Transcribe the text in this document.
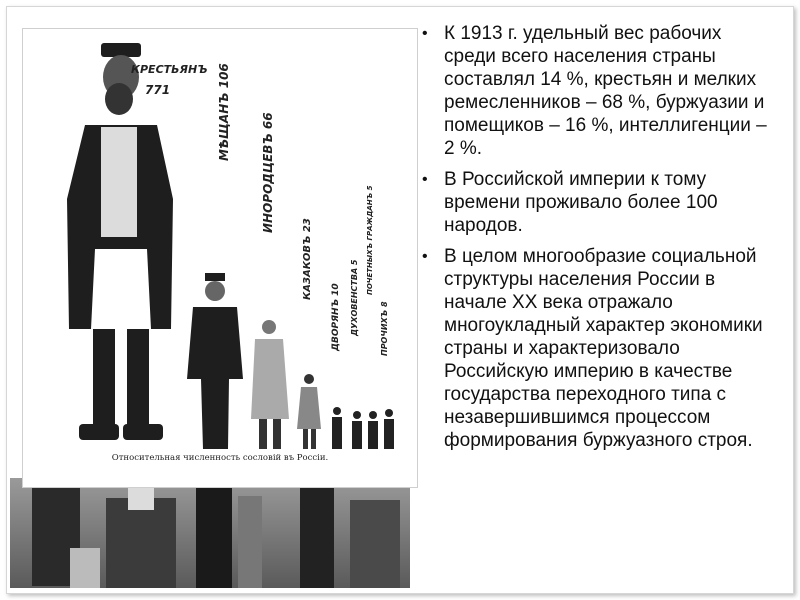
КРЕСТЬЯНЪ
771	МѢЩАНЪ 106
ИНОРОДЦЕВЪ 66
КАЗАКОВЪ 23
ДВОРЯНЪ 10 ДУХОВЕНСТВА 5
ПОЧЕТНЫХЪ ГРАЖДАНЪ 5
ПРОЧИХЪ 8
Относительная численность сословій въ Россіи.
• К 1913 г. удельный вес рабочих среди всего населения страны составлял 14 %, крестьян и мелких ремесленников – 68 %, буржуазии и помещиков – 16 %, интеллигенции – 2 %.
• В Российской империи к тому времени проживало более 100 народов.
• В целом многообразие социальной структуры населения России в начале XX века отражало многоукладный характер экономики страны и характеризовало Российскую империю в качестве государства переходного типа с незавершившимся процессом формирования буржуазного строя.
